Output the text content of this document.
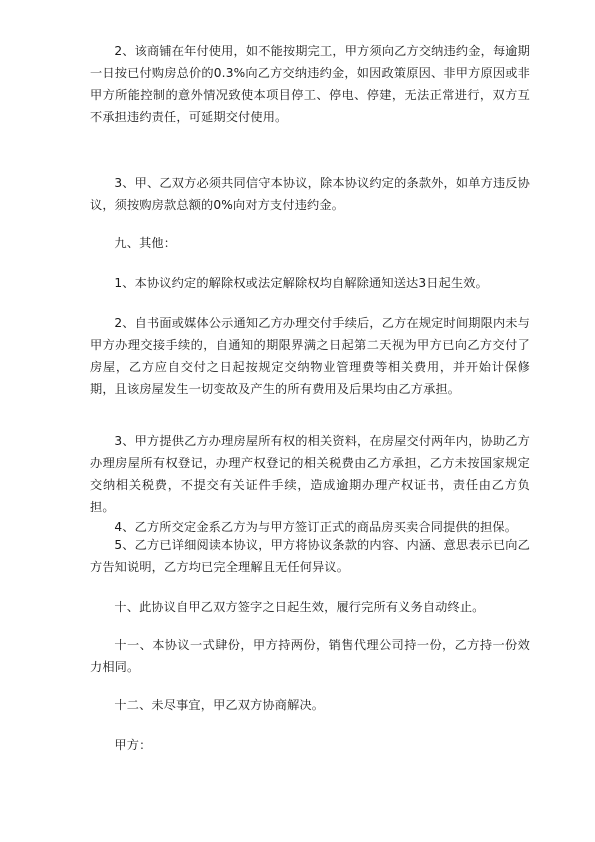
2、该商铺在年付使用，如不能按期完工，甲方须向乙方交纳违约金，每逾期一日按已付购房总价的0.3%向乙方交纳违约金，如因政策原因、非甲方原因或非甲方所能控制的意外情况致使本项目停工、停电、停建，无法正常进行，双方互不承担违约责任，可延期交付使用。

3、甲、乙双方必须共同信守本协议，除本协议约定的条款外，如单方违反协议，须按购房款总额的0%向对方支付违约金。

九、其他：

1、本协议约定的解除权或法定解除权均自解除通知送达3日起生效。

2、自书面或媒体公示通知乙方办理交付手续后，乙方在规定时间期限内未与甲方办理交接手续的，自通知的期限界满之日起第二天视为甲方已向乙方交付了房屋，乙方应自交付之日起按规定交纳物业管理费等相关费用，并开始计保修期，且该房屋发生一切变故及产生的所有费用及后果均由乙方承担。

3、甲方提供乙方办理房屋所有权的相关资料，在房屋交付两年内，协助乙方办理房屋所有权登记，办理产权登记的相关税费由乙方承担，乙方未按国家规定交纳相关税费，不提交有关证件手续，造成逾期办理产权证书，责任由乙方负担。

4、乙方所交定金系乙方为与甲方签订正式的商品房买卖合同提供的担保。

5、乙方已详细阅读本协议，甲方将协议条款的内容、内涵、意思表示已向乙方告知说明，乙方均已完全理解且无任何异议。

十、此协议自甲乙双方签字之日起生效，履行完所有义务自动终止。

十一、本协议一式肆份，甲方持两份，销售代理公司持一份，乙方持一份效力相同。

十二、未尽事宜，甲乙双方协商解决。

甲方：
